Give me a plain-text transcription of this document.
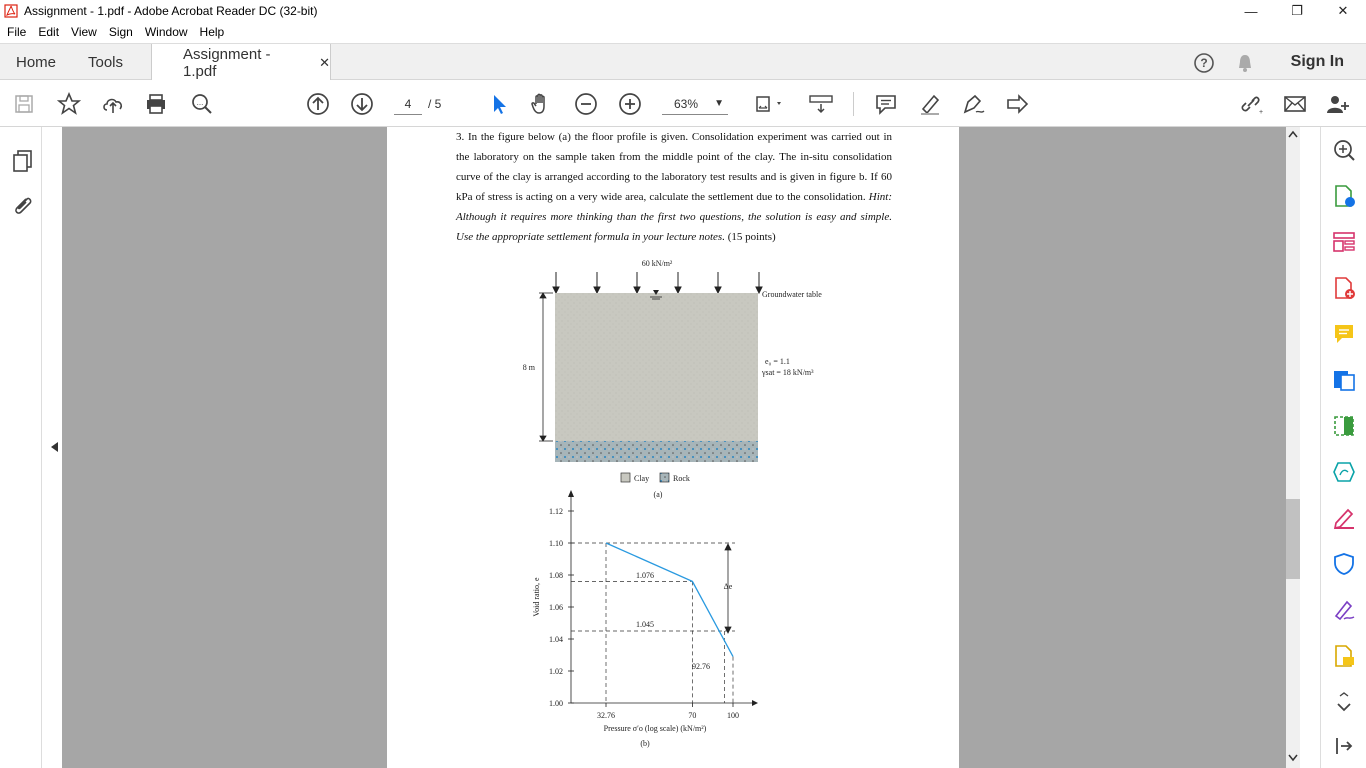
Assignment - 1.pdf - Adobe Acrobat Reader DC (32-bit)	—	❐	✕
File	Edit	View	Sign	Window	Help
Home Tools	Assignment - 1.pdf
✕	?	Sign In
...	4	/ 5	63% ▼
+
3. In the figure below (a) the floor profile is given. Consolidation experiment was carried out in the laboratory on the sample taken from the middle point of the clay. The in-situ consolidation curve of the clay is arranged according to the laboratory test results and is given in figure b. If 60 kPa of stress is acting on a very wide area, calculate the settlement due to the consolidation. Hint: Although it requires more thinking than the first two questions, the solution is easy and simple. Use the appropriate settlement formula in your lecture notes. (15 points)
60 kN/m²
Groundwater table
8 m
e₀ = 1.1
γsat = 18 kN/m³
Clay	Rock
(a)
1.00
1.02
1.04
1.06
1.08
1.10
1.12
32.76	70	100
1.076
1.045
92.76
Δe
Void ratio, e
Pressure σ′o (log scale) (kN/m²)
(b)
